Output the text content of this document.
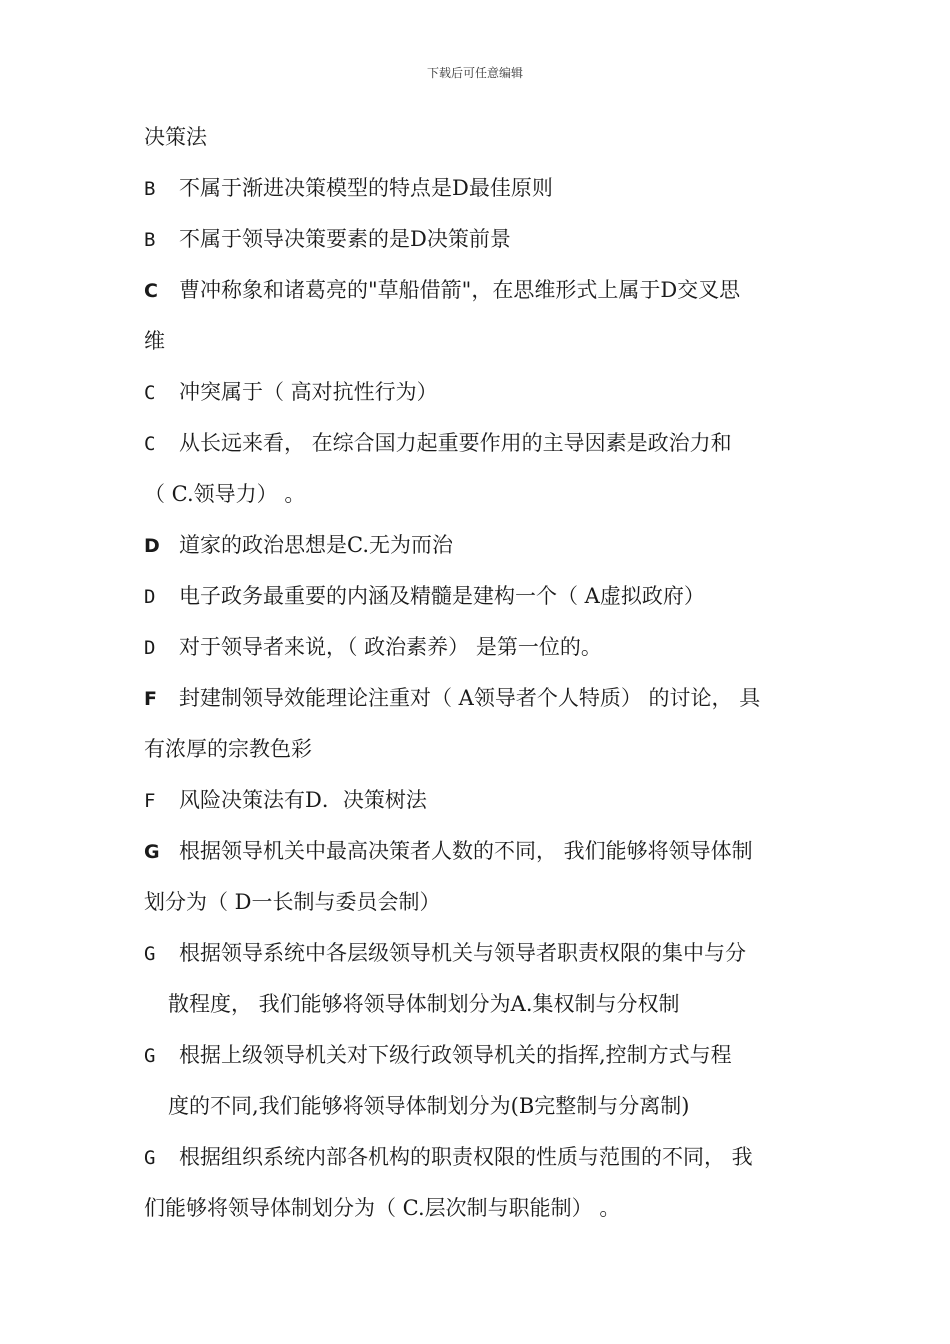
下载后可任意编辑
决策法
B 不属于渐进决策模型的特点是D最佳原则
B 不属于领导决策要素的是D决策前景
C 曹冲称象和诸葛亮的"草船借箭"，在思维形式上属于D交叉思
维
C 冲突属于（ 高对抗性行为）
C 从长远来看， 在综合国力起重要作用的主导因素是政治力和
（ C.领导力） 。
D 道家的政治思想是C.无为而治
D 电子政务最重要的内涵及精髓是建构一个（ A虚拟政府）
D 对于领导者来说，（ 政治素养） 是第一位的。
F 封建制领导效能理论注重对（ A领导者个人特质） 的讨论， 具
有浓厚的宗教色彩
F 风险决策法有D．决策树法
G 根据领导机关中最高决策者人数的不同， 我们能够将领导体制
划分为（ D一长制与委员会制）
G 根据领导系统中各层级领导机关与领导者职责权限的集中与分
散程度， 我们能够将领导体制划分为A.集权制与分权制
G 根据上级领导机关对下级行政领导机关的指挥,控制方式与程
度的不同,我们能够将领导体制划分为(B完整制与分离制)
G 根据组织系统内部各机构的职责权限的性质与范围的不同， 我
们能够将领导体制划分为（ C.层次制与职能制） 。
